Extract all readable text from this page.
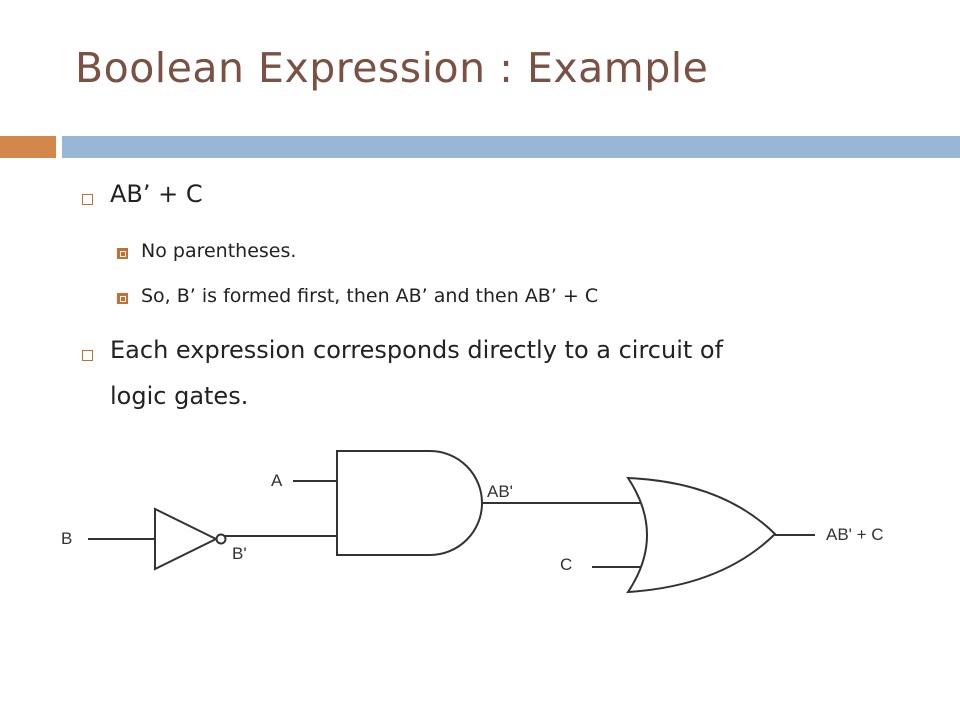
Boolean Expression : Example
AB’ + C
No parentheses.
So, B’ is formed first, then AB’ and then AB’ + C
Each expression corresponds directly to a circuit of
logic gates.
A
B
B'
AB'
C
AB' + C
